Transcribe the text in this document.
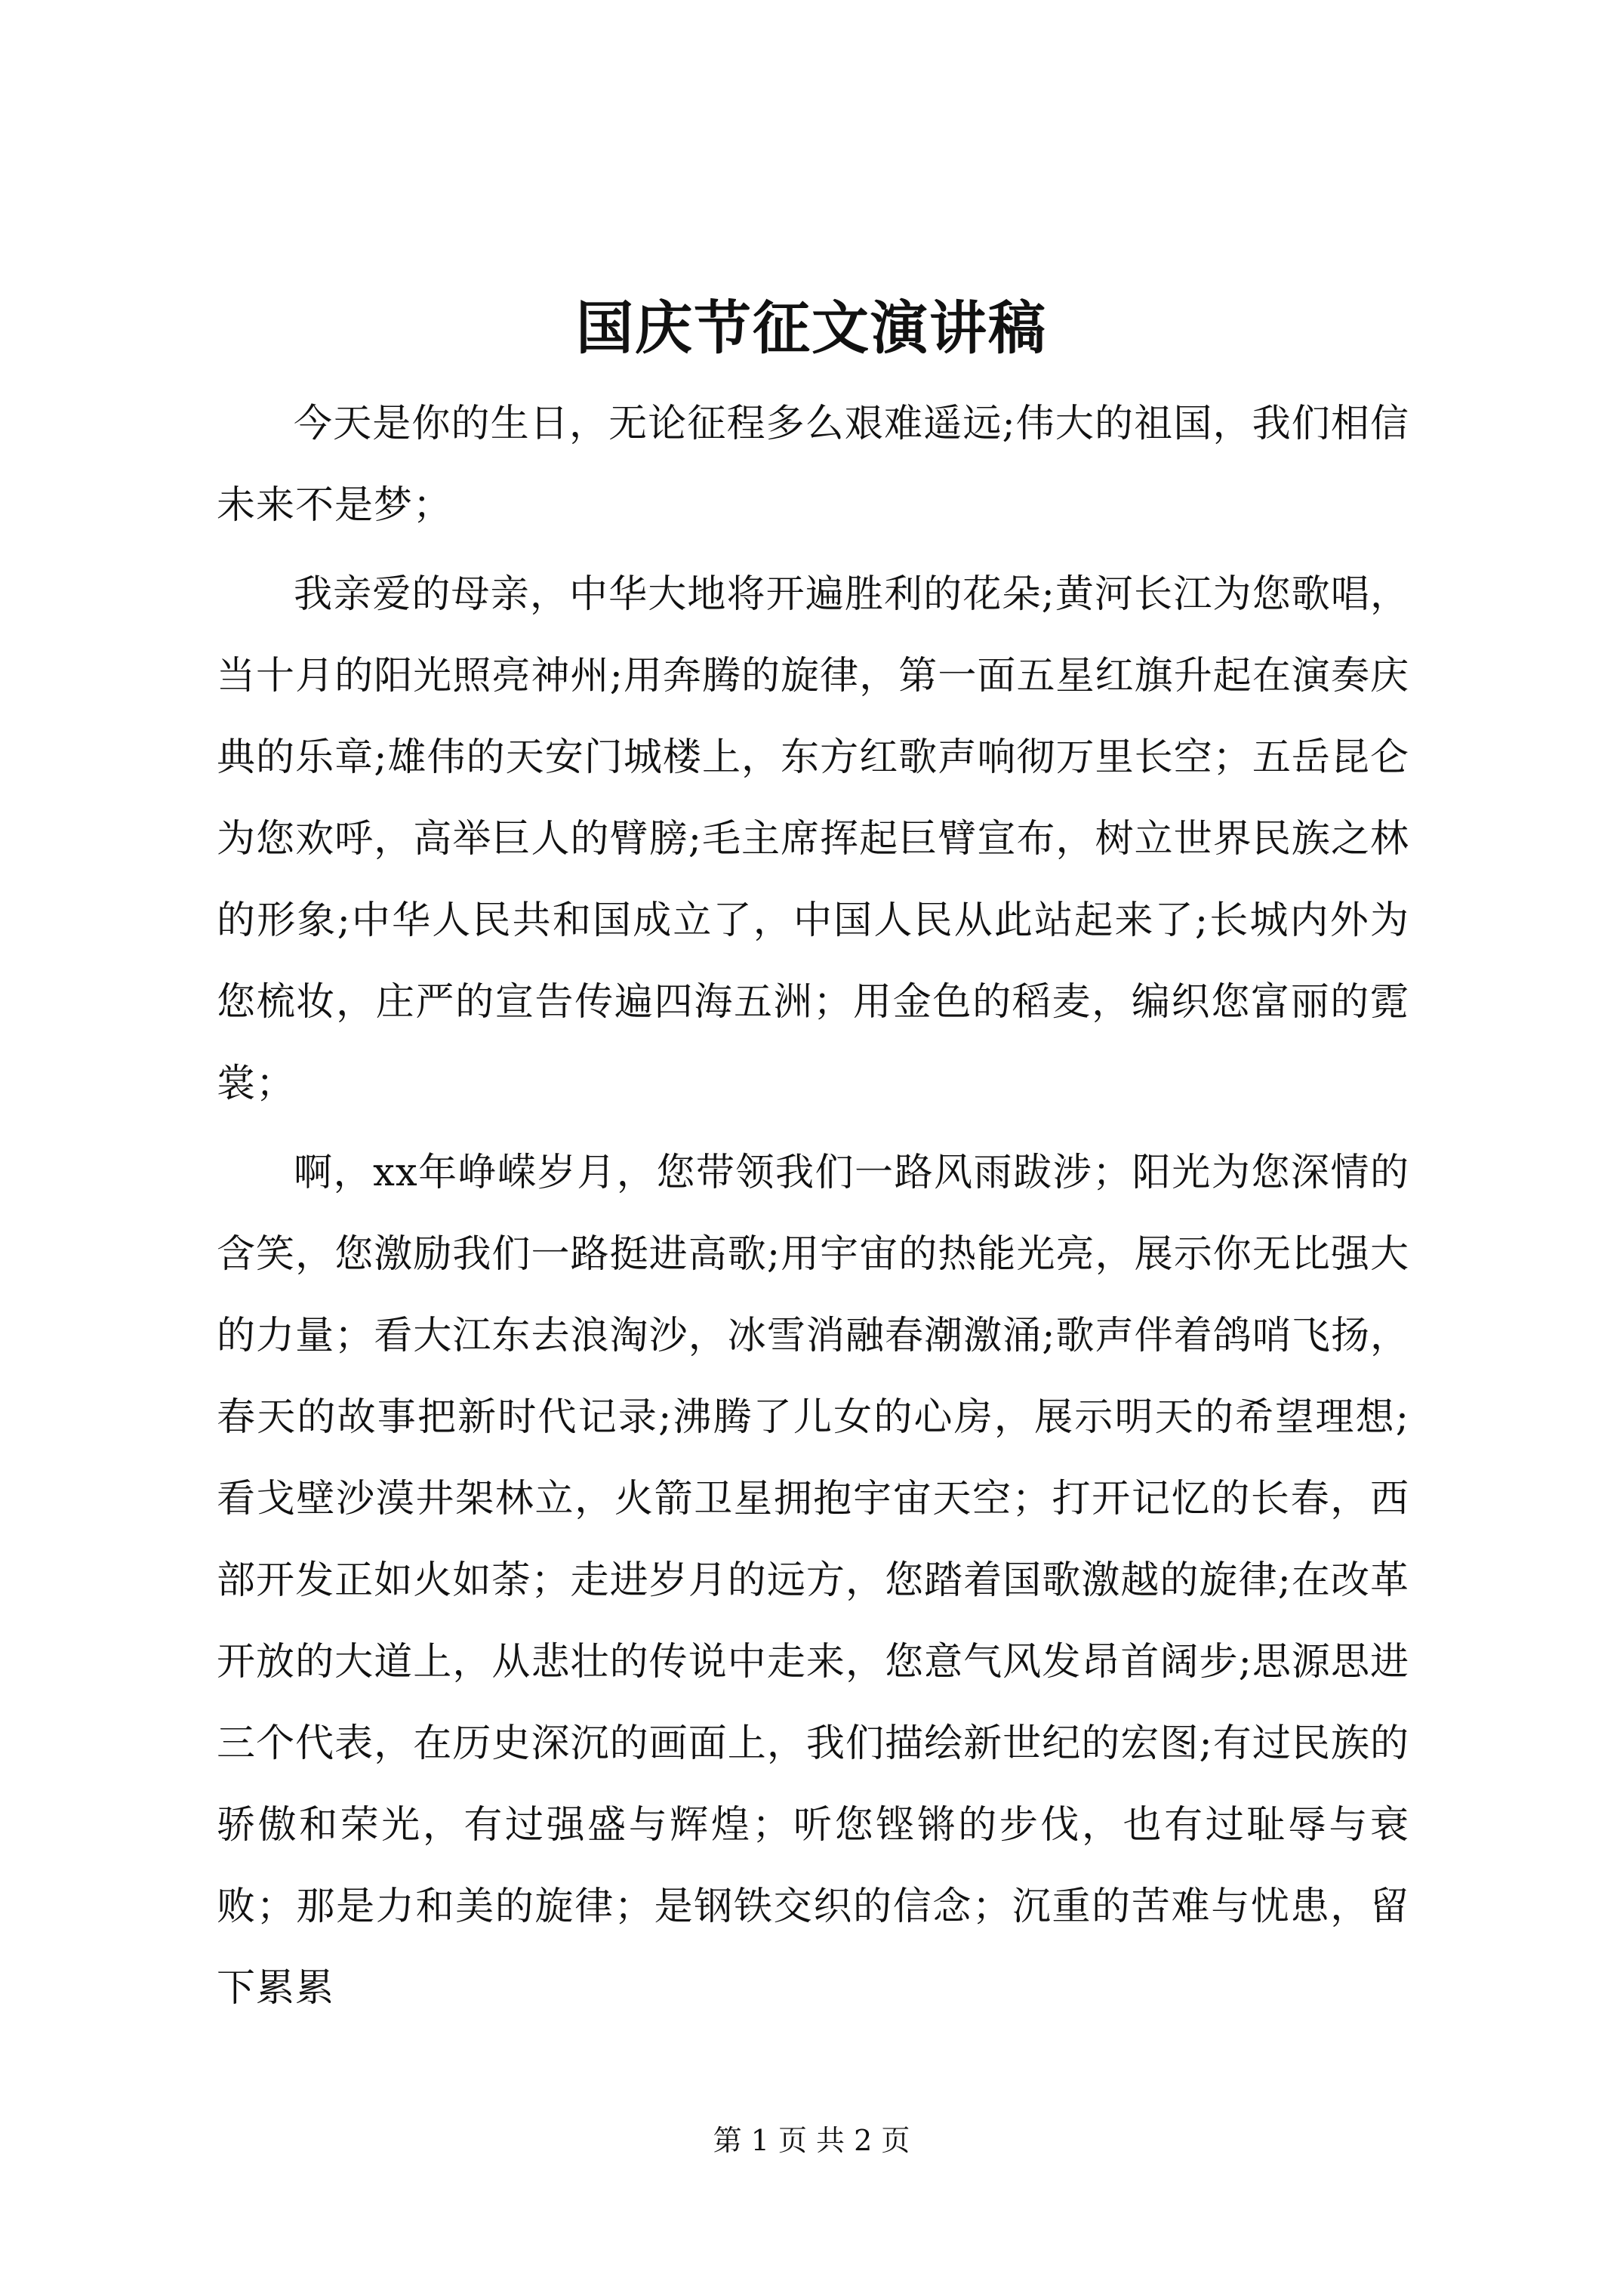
国庆节征文演讲稿

今天是你的生日，无论征程多么艰难遥远;伟大的祖国，我们相信未来不是梦；

我亲爱的母亲，中华大地将开遍胜利的花朵;黄河长江为您歌唱，当十月的阳光照亮神州;用奔腾的旋律，第一面五星红旗升起在演奏庆典的乐章;雄伟的天安门城楼上，东方红歌声响彻万里长空；五岳昆仑为您欢呼，高举巨人的臂膀;毛主席挥起巨臂宣布，树立世界民族之林的形象;中华人民共和国成立了，中国人民从此站起来了;长城内外为您梳妆，庄严的宣告传遍四海五洲；用金色的稻麦，编织您富丽的霓裳；

啊，xx年峥嵘岁月，您带领我们一路风雨跋涉；阳光为您深情的含笑，您激励我们一路挺进高歌;用宇宙的热能光亮，展示你无比强大的力量；看大江东去浪淘沙，冰雪消融春潮激涌;歌声伴着鸽哨飞扬，春天的故事把新时代记录;沸腾了儿女的心房，展示明天的希望理想;看戈壁沙漠井架林立，火箭卫星拥抱宇宙天空；打开记忆的长春，西部开发正如火如荼；走进岁月的远方，您踏着国歌激越的旋律;在改革开放的大道上，从悲壮的传说中走来，您意气风发昂首阔步;思源思进三个代表，在历史深沉的画面上，我们描绘新世纪的宏图;有过民族的骄傲和荣光，有过强盛与辉煌；听您铿锵的步伐，也有过耻辱与衰败；那是力和美的旋律；是钢铁交织的信念；沉重的苦难与忧患，留下累累

第 1 页 共 2 页
